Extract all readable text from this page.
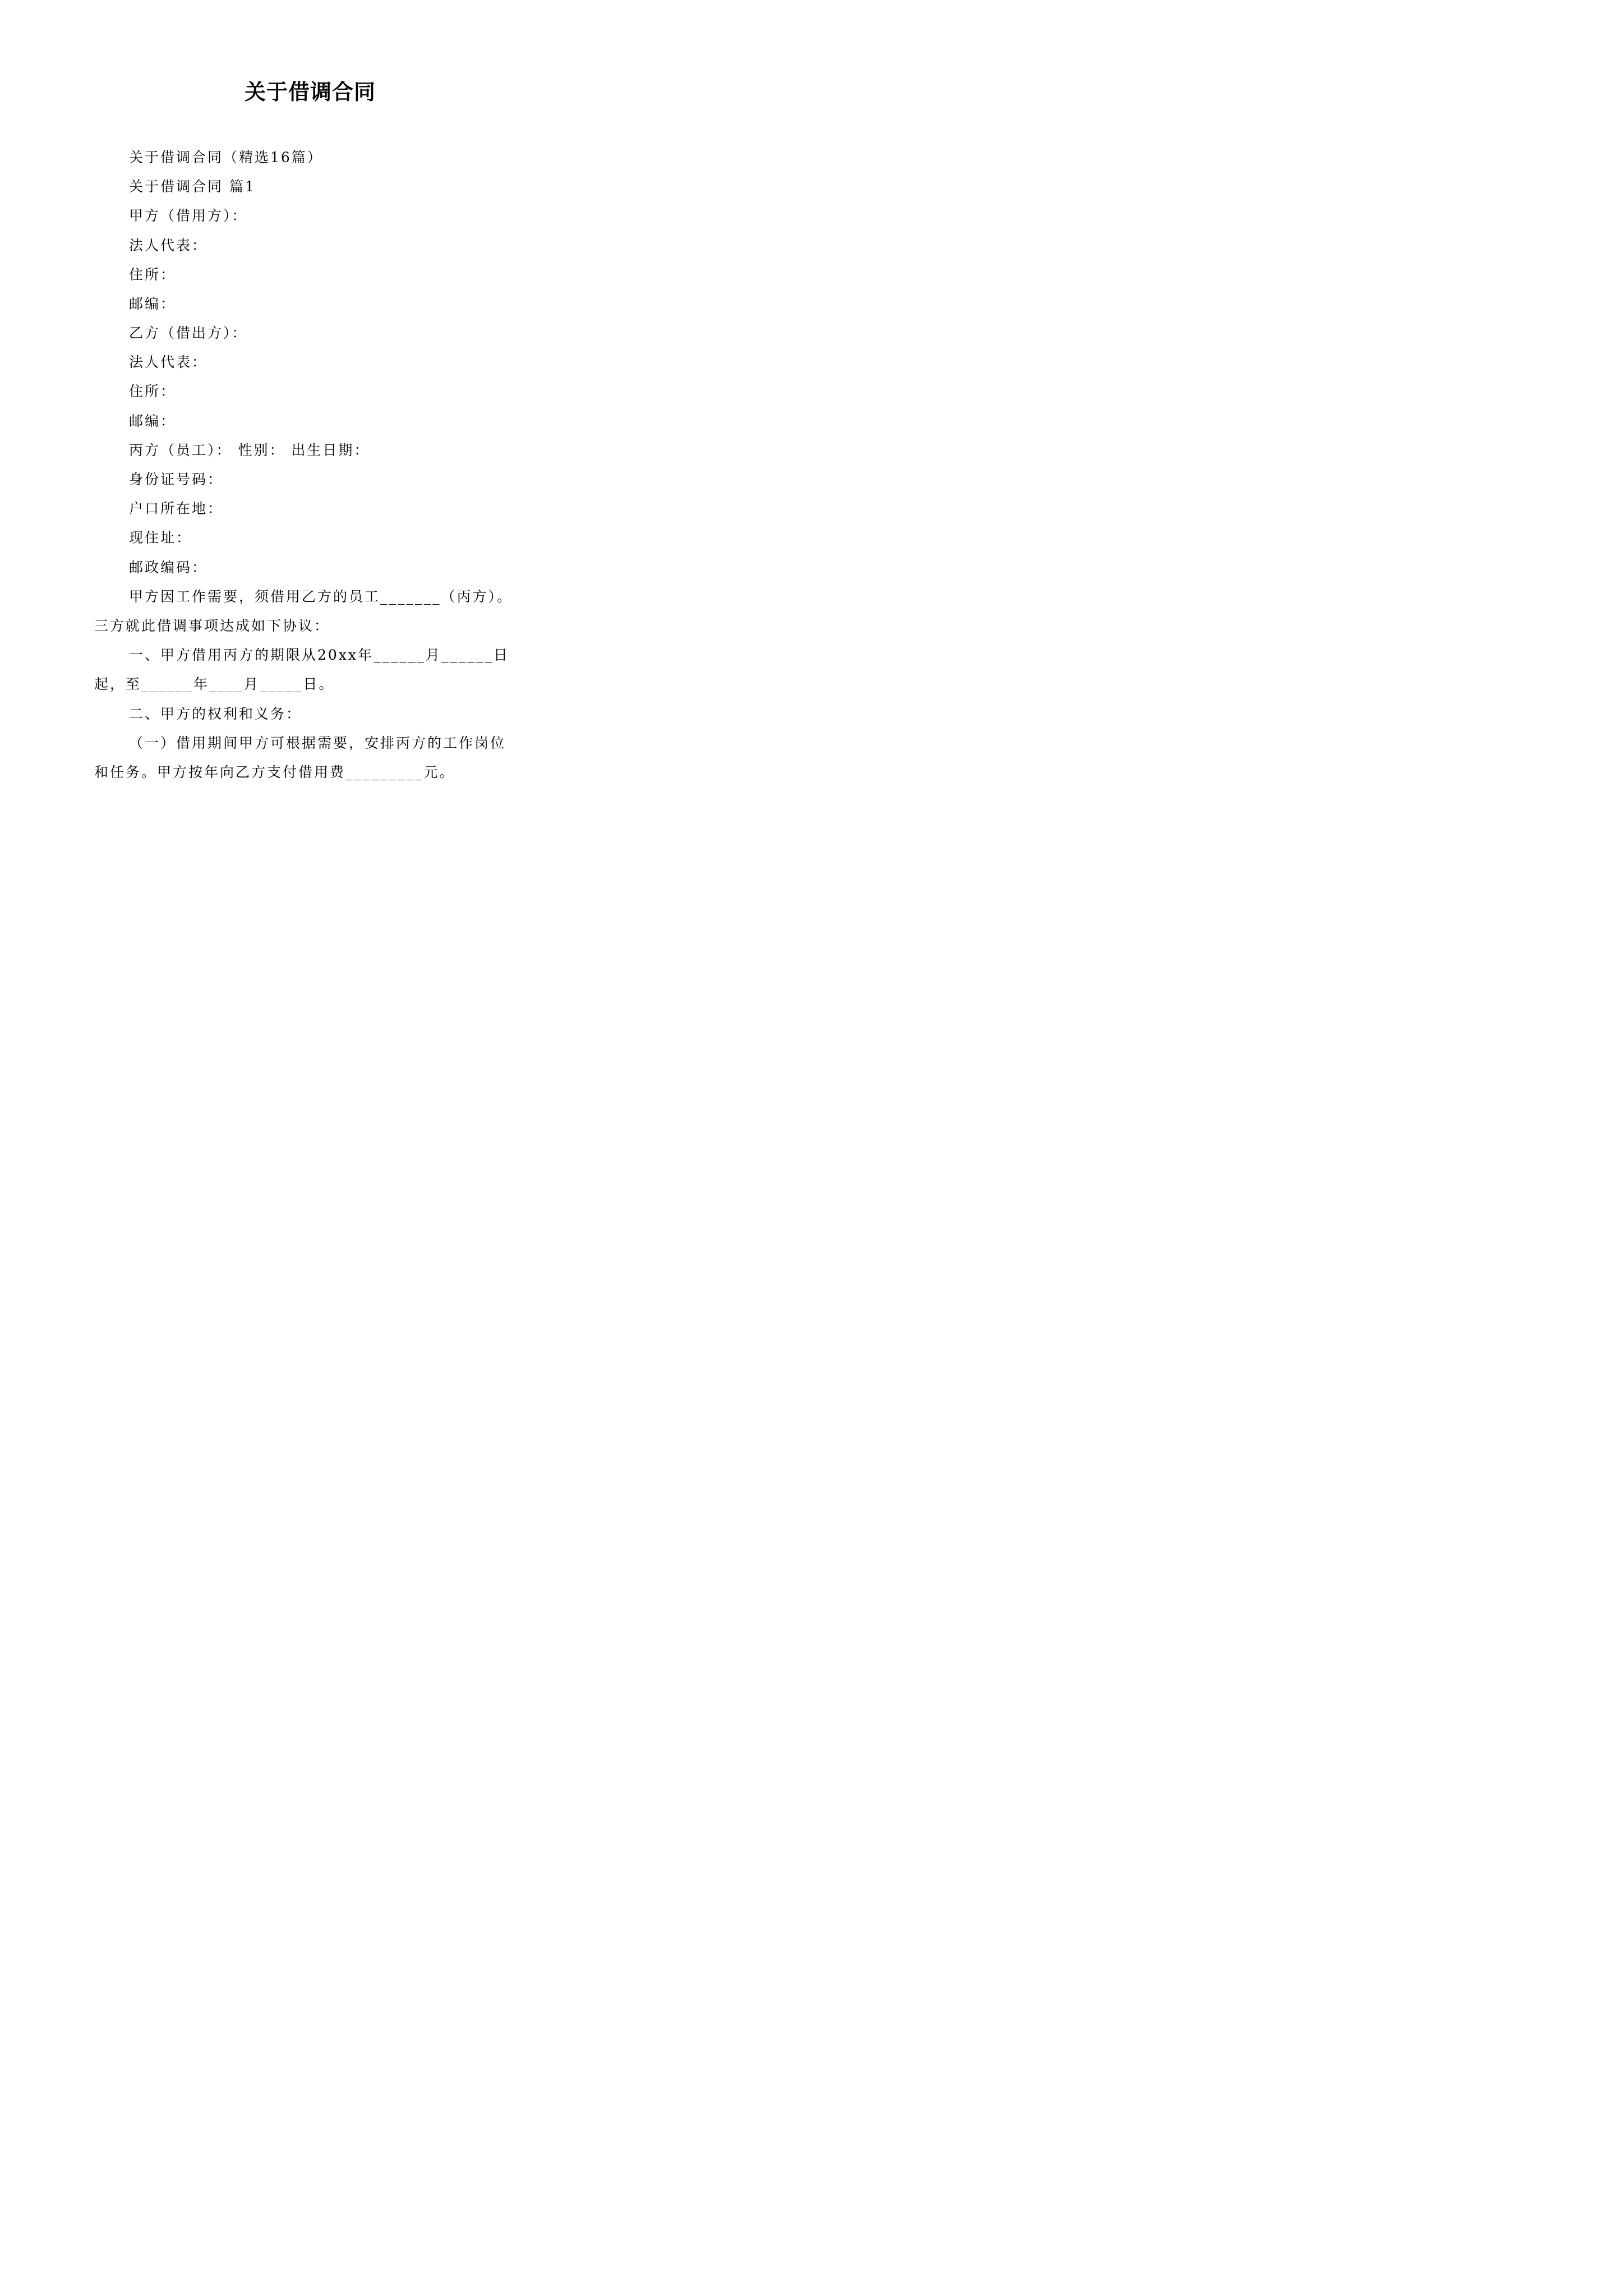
关于借调合同
关于借调合同（精选16篇）
关于借调合同 篇1
甲方（借用方）：
法人代表：
住所：
邮编：
乙方（借出方）：
法人代表：
住所：
邮编：
丙方（员工）： 性别： 出生日期：
身份证号码：
户口所在地：
现住址：
邮政编码：
甲方因工作需要，须借用乙方的员工_______（丙方）。
三方就此借调事项达成如下协议：
一、甲方借用丙方的期限从20xx年______月______日
起，至______年____月_____日。
二、甲方的权利和义务：
（一）借用期间甲方可根据需要，安排丙方的工作岗位
和任务。甲方按年向乙方支付借用费_________元。
